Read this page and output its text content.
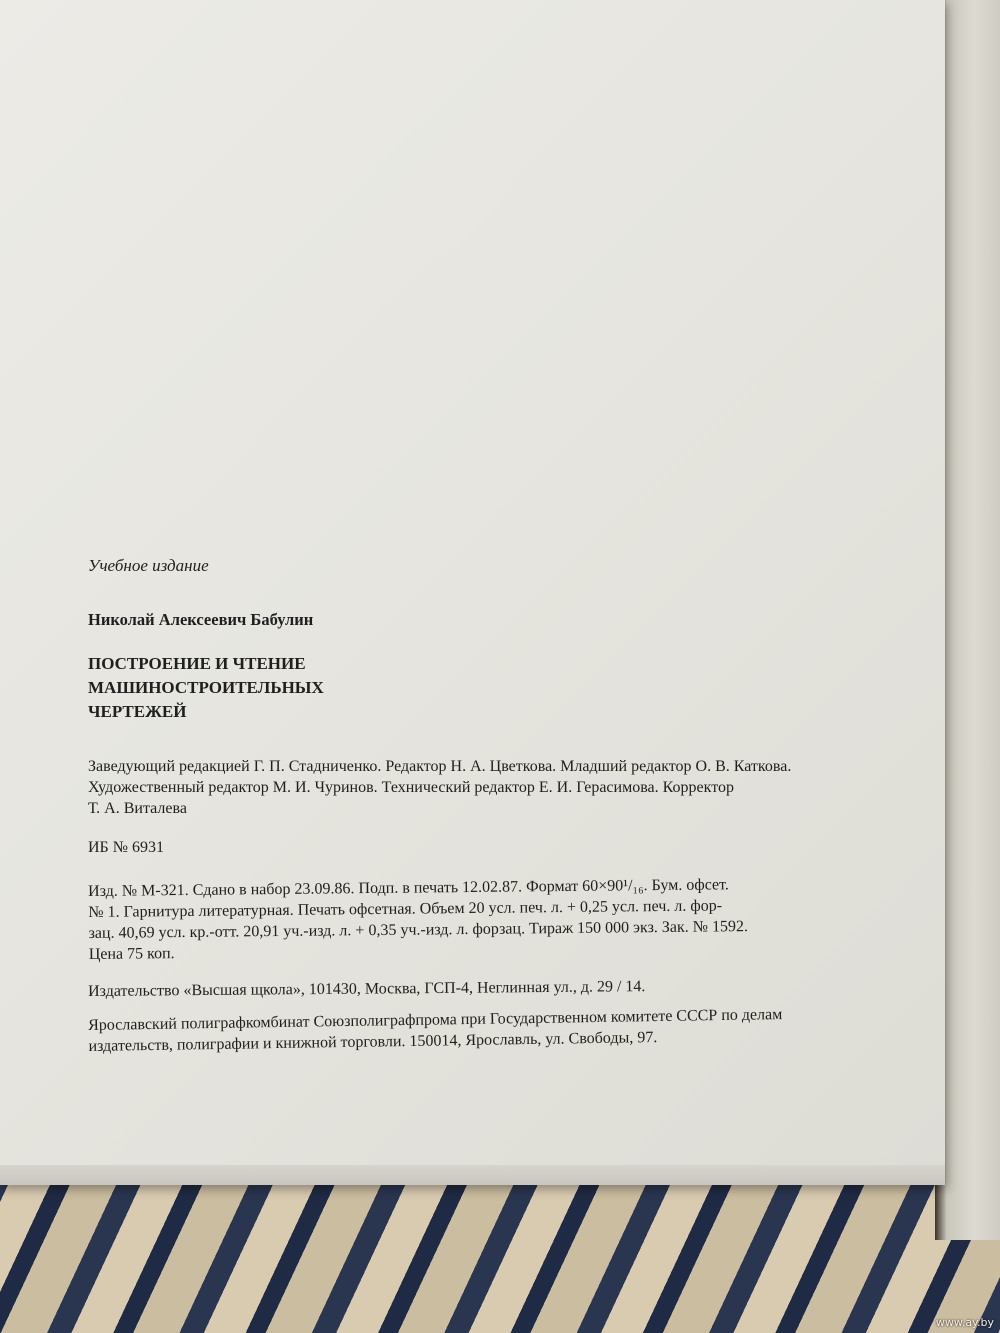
Учебное издание
Николай Алексеевич Бабулин
ПОСТРОЕНИЕ И ЧТЕНИЕ
МАШИНОСТРОИТЕЛЬНЫХ
ЧЕРТЕЖЕЙ
Заведующий редакцией Г. П. Стадниченко. Редактор Н. А. Цветкова. Младший редактор О. В. Каткова.
Художественный редактор М. И. Чуринов. Технический редактор Е. И. Герасимова. Корректор
Т. А. Виталева
ИБ № 6931
Изд. № М-321. Сдано в набор 23.09.86. Подп. в печать 12.02.87. Формат 60×90¹/₁₆. Бум. офсет.
№ 1. Гарнитура литературная. Печать офсетная. Объем 20 усл. печ. л. + 0,25 усл. печ. л. фор-
зац. 40,69 усл. кр.-отт. 20,91 уч.-изд. л. + 0,35 уч.-изд. л. форзац. Тираж 150 000 экз. Зак. № 1592.
Цена 75 коп.
Издательство «Высшая щкола», 101430, Москва, ГСП-4, Неглинная ул., д. 29 / 14.
Ярославский полиграфкомбинат Союзполиграфпрома при Государственном комитете СССР по делам
издательств, полиграфии и книжной торговли. 150014, Ярославль, ул. Свободы, 97.
www.ay.by
